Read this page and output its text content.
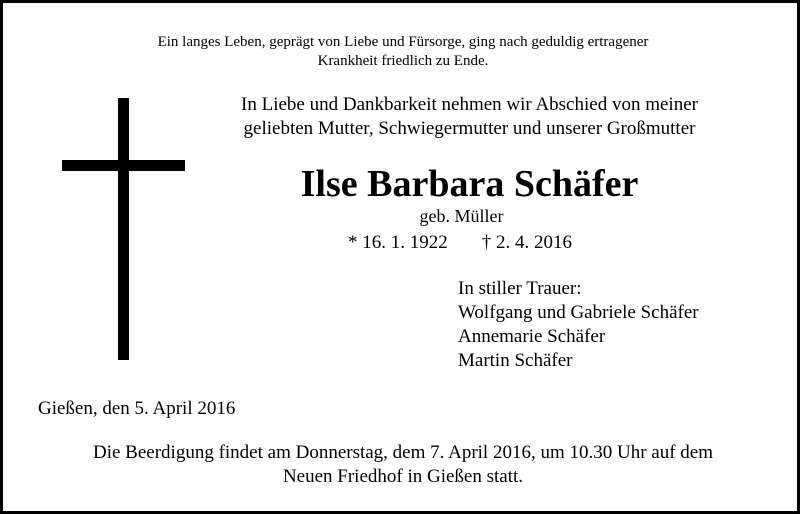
Ein langes Leben, geprägt von Liebe und Fürsorge, ging nach geduldig ertragener
Krankheit friedlich zu Ende.
In Liebe und Dankbarkeit nehmen wir Abschied von meiner
geliebten Mutter, Schwiegermutter und unserer Großmutter
Ilse Barbara Schäfer
geb. Müller
* 16. 1. 1922 † 2. 4. 2016
In stiller Trauer:
Wolfgang und Gabriele Schäfer
Annemarie Schäfer
Martin Schäfer
Gießen, den 5. April 2016
Die Beerdigung findet am Donnerstag, dem 7. April 2016, um 10.30 Uhr auf dem
Neuen Friedhof in Gießen statt.
